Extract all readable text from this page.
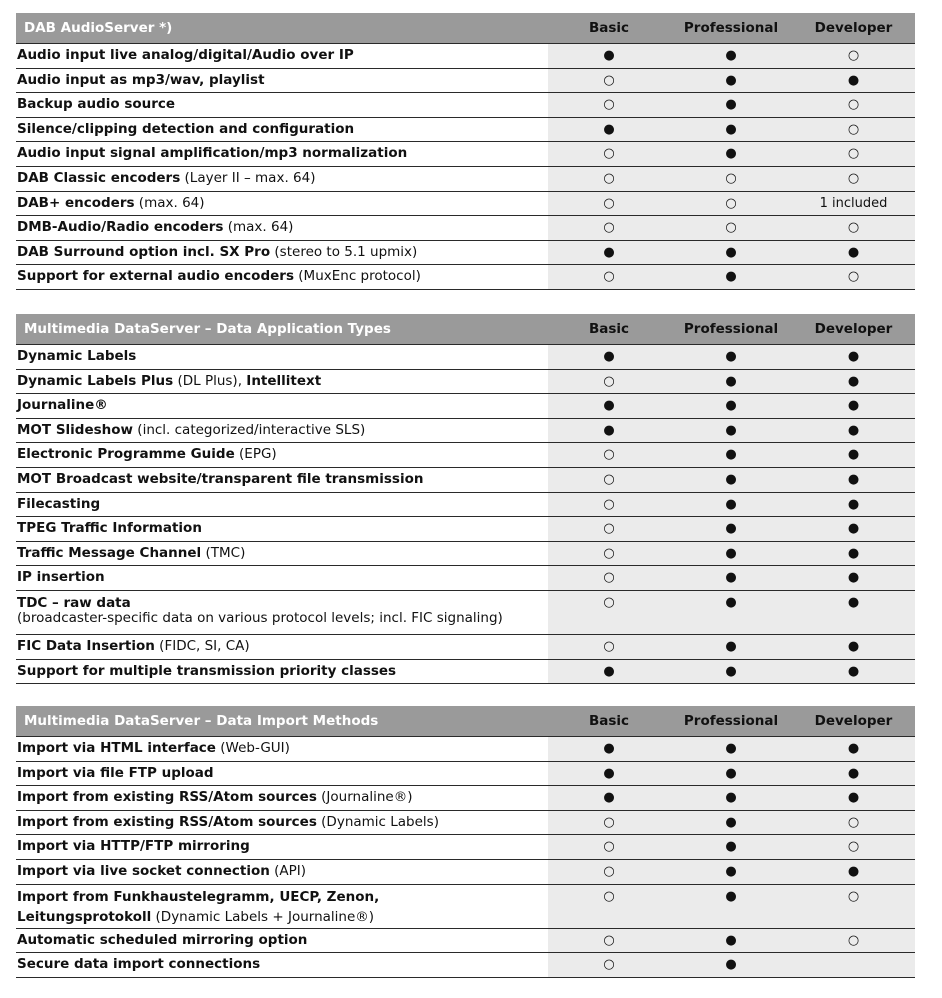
DAB AudioServer *)	Basic	Professional	Developer
Audio input live analog/digital/Audio over IP	●	●	○
Audio input as mp3/wav, playlist	○	●	●
Backup audio source	○	●	○
Silence/clipping detection and configuration	●	●	○
Audio input signal amplification/mp3 normalization	○	●	○
DAB Classic encoders (Layer II – max. 64)	○	○	○
DAB+ encoders (max. 64)	○	○	1 included
DMB-Audio/Radio encoders (max. 64)	○	○	○
DAB Surround option incl. SX Pro (stereo to 5.1 upmix)	●	●	●
Support for external audio encoders (MuxEnc protocol)	○	●	○
Multimedia DataServer – Data Application Types	Basic	Professional	Developer
Dynamic Labels	●	●	●
Dynamic Labels Plus (DL Plus), Intellitext	○	●	●
Journaline®	●	●	●
MOT Slideshow (incl. categorized/interactive SLS)	●	●	●
Electronic Programme Guide (EPG)	○	●	●
MOT Broadcast website/transparent file transmission	○	●	●
Filecasting	○	●	●
TPEG Traffic Information	○	●	●
Traffic Message Channel (TMC)	○	●	●
IP insertion	○	●	●
TDC – raw data
(broadcaster-specific data on various protocol levels; incl. FIC signaling)	○	●	●
FIC Data Insertion (FIDC, SI, CA)	○	●	●
Support for multiple transmission priority classes	●	●	●
Multimedia DataServer – Data Import Methods	Basic	Professional	Developer
Import via HTML interface (Web-GUI)	●	●	●
Import via file FTP upload	●	●	●
Import from existing RSS/Atom sources (Journaline®)	●	●	●
Import from existing RSS/Atom sources (Dynamic Labels)	○	●	○
Import via HTTP/FTP mirroring	○	●	○
Import via live socket connection (API)	○	●	●
Import from Funkhaustelegramm, UECP, Zenon,
Leitungsprotokoll (Dynamic Labels + Journaline®)	○	●	○
Automatic scheduled mirroring option	○	●	○
Secure data import connections	○	●	
